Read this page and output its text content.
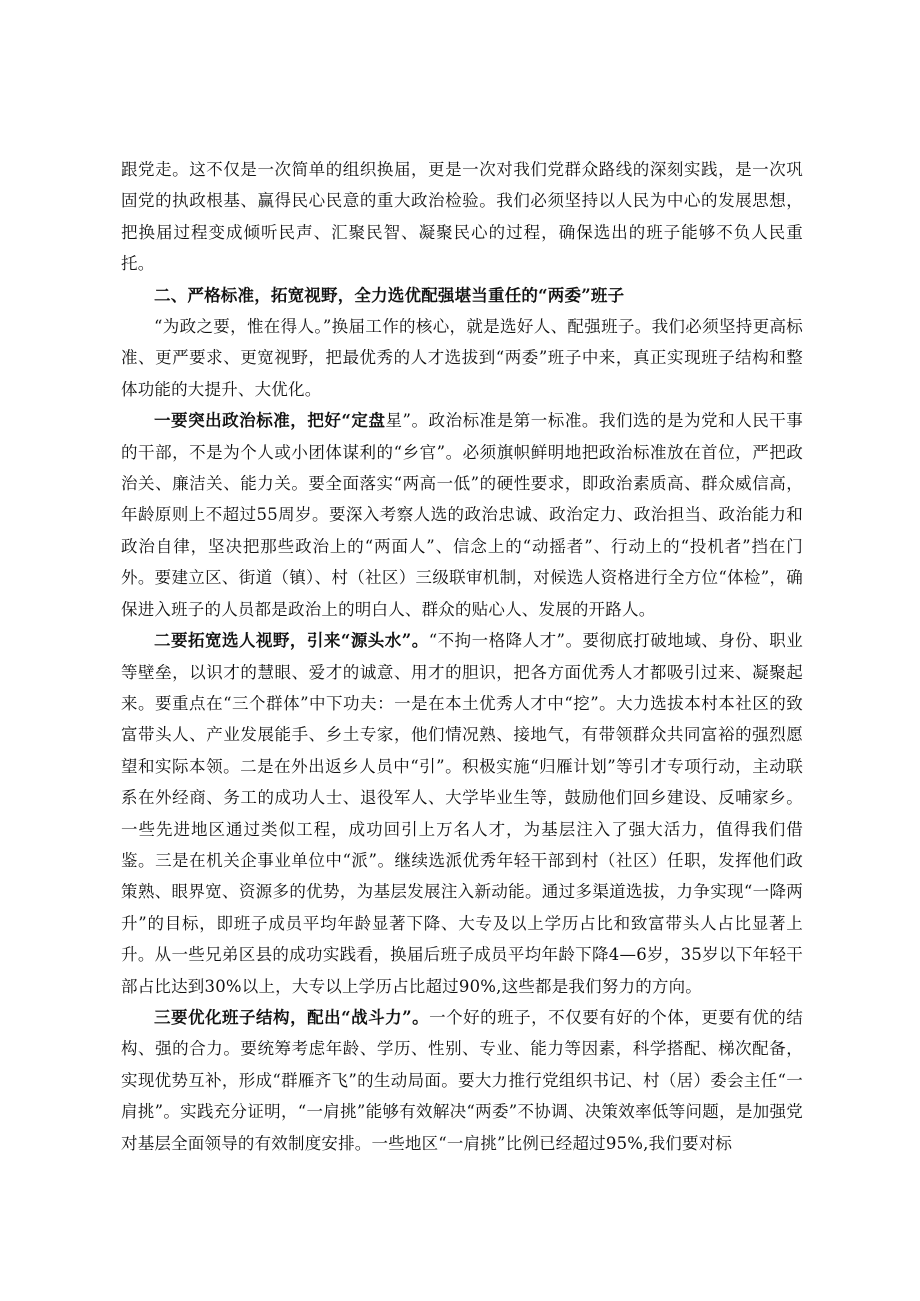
跟党走。这不仅是一次简单的组织换届，更是一次对我们党群众路线的深刻实践，是一次巩固党的执政根基、赢得民心民意的重大政治检验。我们必须坚持以人民为中心的发展思想，把换届过程变成倾听民声、汇聚民智、凝聚民心的过程，确保选出的班子能够不负人民重托。

二、严格标准，拓宽视野，全力选优配强堪当重任的“两委”班子

“为政之要，惟在得人。”换届工作的核心，就是选好人、配强班子。我们必须坚持更高标准、更严要求、更宽视野，把最优秀的人才选拔到“两委”班子中来，真正实现班子结构和整体功能的大提升、大优化。

一要突出政治标准，把好“定盘星”。政治标准是第一标准。我们选的是为党和人民干事的干部，不是为个人或小团体谋利的“乡官”。必须旗帜鲜明地把政治标准放在首位，严把政治关、廉洁关、能力关。要全面落实“两高一低”的硬性要求，即政治素质高、群众威信高，年龄原则上不超过55周岁。要深入考察人选的政治忠诚、政治定力、政治担当、政治能力和政治自律，坚决把那些政治上的“两面人”、信念上的“动摇者”、行动上的“投机者”挡在门外。要建立区、街道（镇）、村（社区）三级联审机制，对候选人资格进行全方位“体检”，确保进入班子的人员都是政治上的明白人、群众的贴心人、发展的开路人。

二要拓宽选人视野，引来“源头水”。“不拘一格降人才”。要彻底打破地域、身份、职业等壁垒，以识才的慧眼、爱才的诚意、用才的胆识，把各方面优秀人才都吸引过来、凝聚起来。要重点在“三个群体”中下功夫：一是在本土优秀人才中“挖”。大力选拔本村本社区的致富带头人、产业发展能手、乡土专家，他们情况熟、接地气，有带领群众共同富裕的强烈愿望和实际本领。二是在外出返乡人员中“引”。积极实施“归雁计划”等引才专项行动，主动联系在外经商、务工的成功人士、退役军人、大学毕业生等，鼓励他们回乡建设、反哺家乡。一些先进地区通过类似工程，成功回引上万名人才，为基层注入了强大活力，值得我们借鉴。三是在机关企事业单位中“派”。继续选派优秀年轻干部到村（社区）任职，发挥他们政策熟、眼界宽、资源多的优势，为基层发展注入新动能。通过多渠道选拔，力争实现“一降两升”的目标，即班子成员平均年龄显著下降、大专及以上学历占比和致富带头人占比显著上升。从一些兄弟区县的成功实践看，换届后班子成员平均年龄下降4—6岁，35岁以下年轻干部占比达到30%以上，大专以上学历占比超过90%,这些都是我们努力的方向。

三要优化班子结构，配出“战斗力”。一个好的班子，不仅要有好的个体，更要有优的结构、强的合力。要统筹考虑年龄、学历、性别、专业、能力等因素，科学搭配、梯次配备，实现优势互补，形成“群雁齐飞”的生动局面。要大力推行党组织书记、村（居）委会主任“一肩挑”。实践充分证明，“一肩挑”能够有效解决“两委”不协调、决策效率低等问题，是加强党对基层全面领导的有效制度安排。一些地区“一肩挑”比例已经超过95%,我们要对标
